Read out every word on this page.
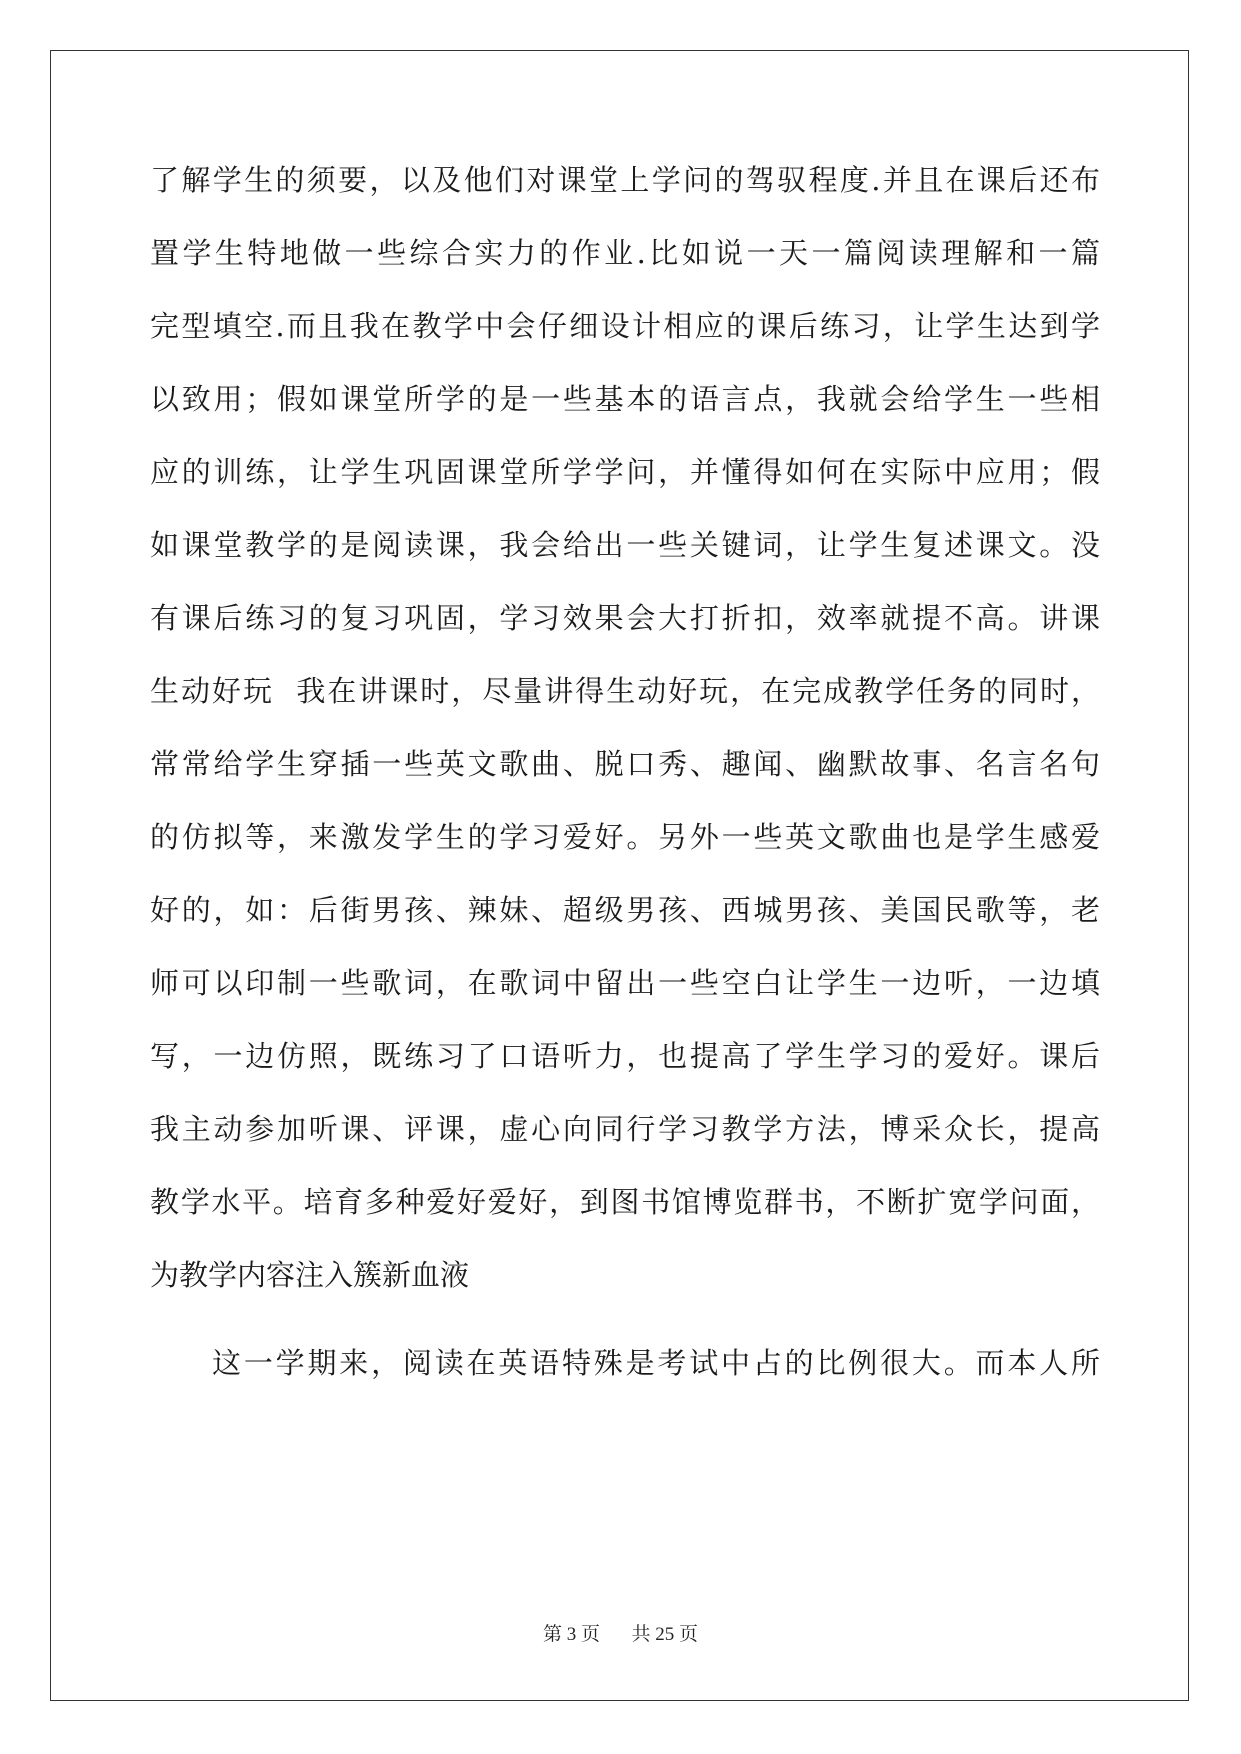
了解学生的须要，以及他们对课堂上学问的驾驭程度.并且在课后还布
置学生特地做一些综合实力的作业.比如说一天一篇阅读理解和一篇
完型填空.而且我在教学中会仔细设计相应的课后练习，让学生达到学
以致用；假如课堂所学的是一些基本的语言点，我就会给学生一些相
应的训练，让学生巩固课堂所学学问，并懂得如何在实际中应用；假
如课堂教学的是阅读课，我会给出一些关键词，让学生复述课文。没
有课后练习的复习巩固，学习效果会大打折扣，效率就提不高。讲课
生动好玩  我在讲课时，尽量讲得生动好玩，在完成教学任务的同时，
常常给学生穿插一些英文歌曲、脱口秀、趣闻、幽默故事、名言名句
的仿拟等，来激发学生的学习爱好。另外一些英文歌曲也是学生感爱
好的，如：后街男孩、辣妹、超级男孩、西城男孩、美国民歌等，老
师可以印制一些歌词，在歌词中留出一些空白让学生一边听，一边填
写，一边仿照，既练习了口语听力，也提高了学生学习的爱好。课后
我主动参加听课、评课，虚心向同行学习教学方法，博采众长，提高
教学水平。培育多种爱好爱好，到图书馆博览群书，不断扩宽学问面，
为教学内容注入簇新血液
这一学期来，阅读在英语特殊是考试中占的比例很大。而本人所
第 3 页 共 25 页
